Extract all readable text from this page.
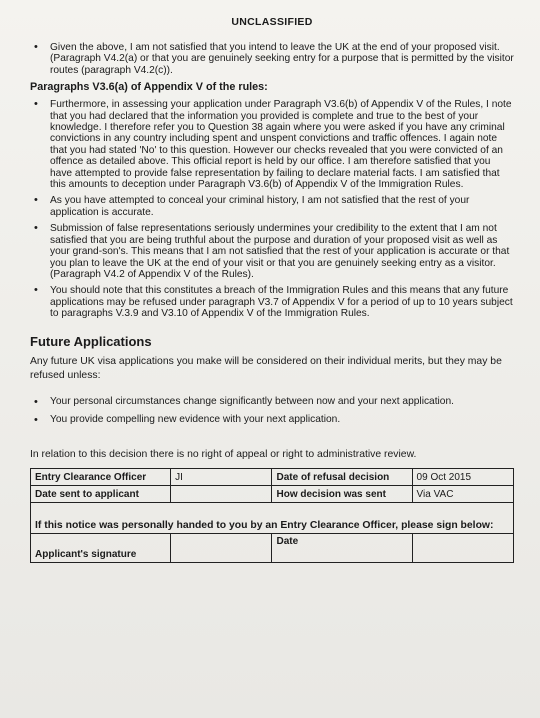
UNCLASSIFIED
• Given the above, I am not satisfied that you intend to leave the UK at the end of your proposed visit. (Paragraph V4.2(a) or that you are genuinely seeking entry for a purpose that is permitted by the visitor routes (paragraph V4.2(c)).
Paragraphs V3.6(a) of Appendix V of the rules:
• Furthermore, in assessing your application under Paragraph V3.6(b) of Appendix V of the Rules, I note that you had declared that the information you provided is complete and true to the best of your knowledge. I therefore refer you to Question 38 again where you were asked if you have any criminal convictions in any country including spent and unspent convictions and traffic offences. I again note that you had stated 'No' to this question. However our checks revealed that you were convicted of an offence as detailed above. This official report is held by our office. I am therefore satisfied that you have attempted to provide false representation by failing to declare material facts. I am satisfied that this amounts to deception under Paragraph V3.6(b) of Appendix V of the Immigration Rules.
• As you have attempted to conceal your criminal history, I am not satisfied that the rest of your application is accurate.
• Submission of false representations seriously undermines your credibility to the extent that I am not satisfied that you are being truthful about the purpose and duration of your proposed visit as well as your grand-son's. This means that I am not satisfied that the rest of your application is accurate or that you plan to leave the UK at the end of your visit or that you are genuinely seeking entry as a visitor. (Paragraph V4.2 of Appendix V of the Rules).
• You should note that this constitutes a breach of the Immigration Rules and this means that any future applications may be refused under paragraph V3.7 of Appendix V for a period of up to 10 years subject to paragraphs V.3.9 and V3.10 of Appendix V of the Immigration Rules.
Future Applications

Any future UK visa applications you make will be considered on their individual merits, but they may be refused unless:

• Your personal circumstances change significantly between now and your next application.
• You provide compelling new evidence with your next application.

In relation to this decision there is no right of appeal or right to administrative review.

Entry Clearance Officer	JI	Date of refusal decision	09 Oct 2015
Date sent to applicant		How decision was sent	Via VAC
If this notice was personally handed to you by an Entry Clearance Officer, please sign below:			
Applicant's signature		Date	
